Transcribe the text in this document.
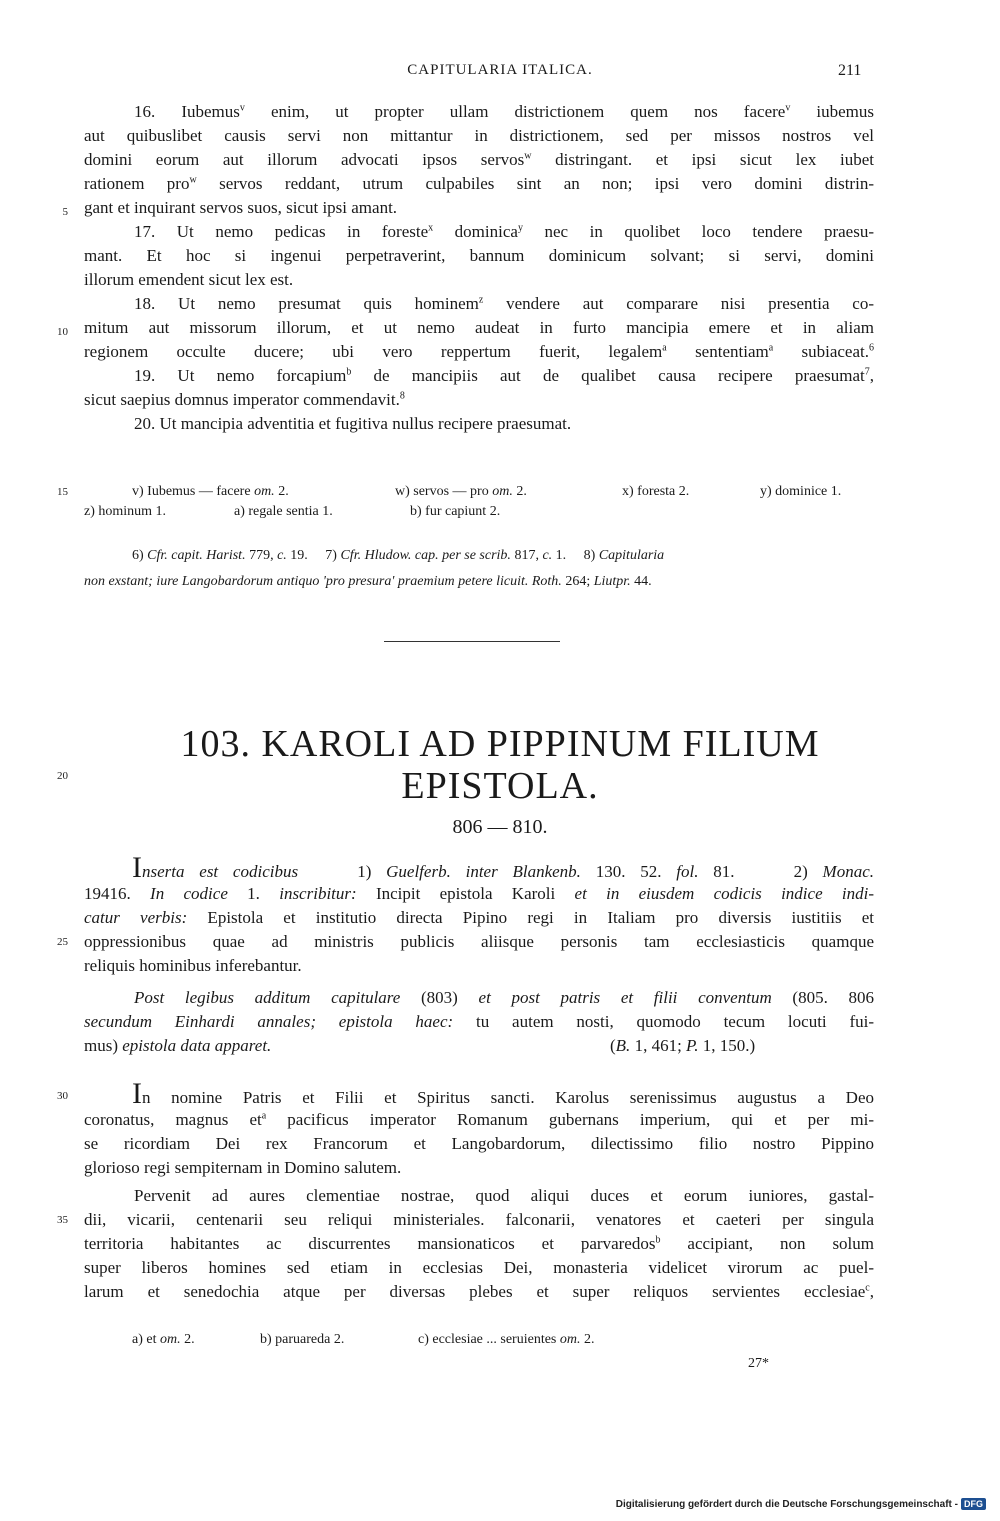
CAPITULARIA ITALICA.	211
16. Iubemus$^v$ enim, ut propter ullam districtionem quem nos facere$^v$ iubemus
aut quibuslibet causis servi non mittantur in districtionem, sed per missos nostros vel
domini eorum aut illorum advocati ipsos servos$^w$ distringant. et ipsi sicut lex iubet
rationem pro$^w$ servos reddant, utrum culpabiles sint an non; ipsi vero domini distrin-
gant et inquirant servos suos, sicut ipsi amant.
17. Ut nemo pedicas in foreste$^x$ dominica$^y$ nec in quolibet loco tendere praesu-
mant. Et hoc si ingenui perpetraverint, bannum dominicum solvant; si servi, domini
illorum emendent sicut lex est.
18. Ut nemo presumat quis hominem$^z$ vendere aut comparare nisi presentia co-
mitum aut missorum illorum, et ut nemo audeat in furto mancipia emere et in aliam
regionem occulte ducere; ubi vero reppertum fuerit, legalem$^a$ sententiam$^a$ subiaceat.$^6$
19. Ut nemo forcapium$^b$ de mancipiis aut de qualibet causa recipere praesumat$^7$,
sicut saepius domnus imperator commendavit.$^8$
20. Ut mancipia adventitia et fugitiva nullus recipere praesumat.
5
10
15
20
25
30
35
v) Iubemus — facere om. 2.	w) servos — pro om. 2.	x) foresta 2.	y) dominice 1.
z) hominum 1.	a) regale sentia 1.	b) fur capiunt 2.
6) Cfr. capit. Harist. 779, c. 19.     7) Cfr. Hludow. cap. per se scrib. 817, c. 1.     8) Capitularia
non exstant; iure Langobardorum antiquo 'pro presura' praemium petere licuit. Roth. 264; Liutpr. 44.
103. KAROLI AD PIPPINUM FILIUM
EPISTOLA.
806 — 810.
Inserta est codicibus    1) Guelferb. inter Blankenb. 130. 52. fol. 81.    2) Monac.
19416. In codice 1. inscribitur: Incipit epistola Karoli et in eiusdem codicis indice indi-
catur verbis: Epistola et institutio directa Pipino regi in Italiam pro diversis iustitiis et
oppressionibus quae ad ministris publicis aliisque personis tam ecclesiasticis quamque
reliquis hominibus inferebantur.
Post legibus additum capitulare (803) et post patris et filii conventum (805. 806
secundum Einhardi annales; epistola haec: tu autem nosti, quomodo tecum locuti fui-
mus) epistola data apparet.	(B. 1, 461; P. 1, 150.)
In nomine Patris et Filii et Spiritus sancti. Karolus serenissimus augustus a Deo
coronatus, magnus $et^a$ pacificus imperator Romanum gubernans imperium, qui et per mi-
se ricordiam Dei rex Francorum et Langobardorum, dilectissimo filio nostro Pippino
glorioso regi sempiternam in Domino salutem.
Pervenit ad aures clementiae nostrae, quod aliqui duces et eorum iuniores, gastal-
dii, vicarii, centenarii seu reliqui ministeriales. falconarii, venatores et caeteri per singula
territoria habitantes ac discurrentes mansionaticos et parvaredos$^b$ accipiant, non solum
super liberos homines sed etiam in ecclesias Dei, monasteria videlicet virorum ac puel-
larum et senedochia atque per diversas plebes et super reliquos servientes ecclesiae$^c$,
a) et om. 2.	b) paruareda 2.	c) ecclesiae ... seruientes om. 2.
27*
Digitalisierung gefördert durch die Deutsche Forschungsgemeinschaft - DFG
